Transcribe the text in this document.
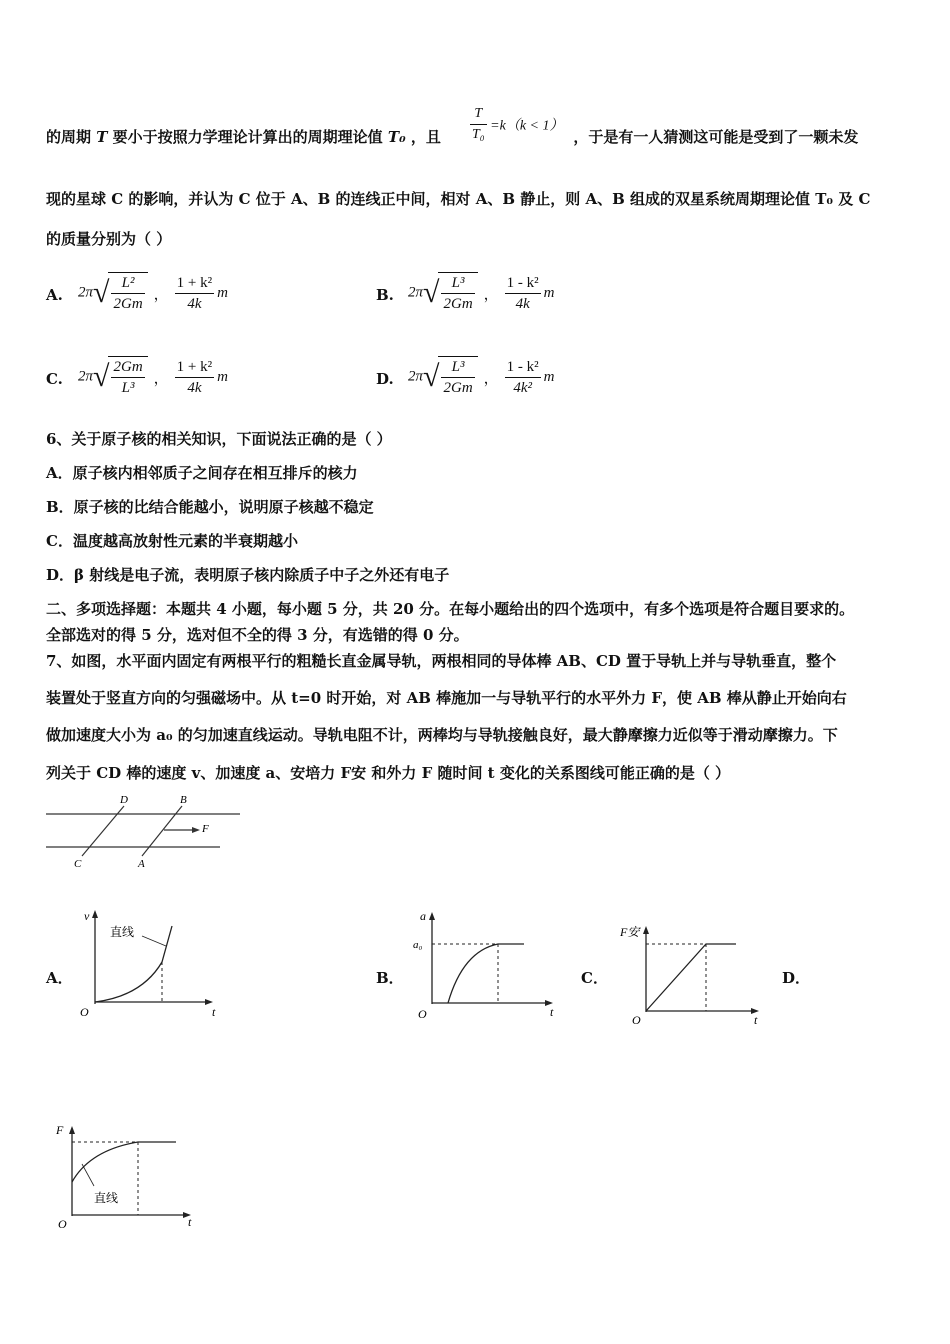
的周期 T 要小于按照力学理论计算出的周期理论值 T₀ ，且	，于是有一人猜测这可能是受到了一颗未发
$\frac{T}{\text{T₀}} =k(k < 1)$
现的星球 C 的影响，并认为 C 位于 A、B 的连线正中间，相对 A、B 静止，则 A、B 组成的双星系统周期理论值 T₀ 及 C
的质量分别为（ ）
A. $2\pi√ \frac{\text{L²}}{2Gm}$ ， $\frac{\text{1 + k²}}{4k}$ m	B. $2\pi√ \frac{\text{L³}}{2Gm}$ ， $\frac{\text{1 - k²}}{4k}$ m
C. $2\pi√ \frac{2Gm}{\text{L³}}$ ， $\frac{\text{1 + k²}}{4k}$ m	D. $2\pi√ \frac{\text{L³}}{2Gm}$ ， $\frac{\text{1 - k²}}{\text{4k²}}$ m
6、关于原子核的相关知识，下面说法正确的是（ ）
A．原子核内相邻质子之间存在相互排斥的核力
B．原子核的比结合能越小，说明原子核越不稳定
C．温度越高放射性元素的半衰期越小
D．β 射线是电子流，表明原子核内除质子中子之外还有电子
二、多项选择题：本题共 4 小题，每小题 5 分，共 20 分。在每小题给出的四个选项中，有多个选项是符合题目要求的。
全部选对的得 5 分，选对但不全的得 3 分，有选错的得 0 分。
7、如图，水平面内固定有两根平行的粗糙长直金属导轨，两根相同的导体棒 AB、CD 置于导轨上并与导轨垂直，整个
装置处于竖直方向的匀强磁场中。从 t=0 时开始，对 AB 棒施加一与导轨平行的水平外力 F，使 AB 棒从静止开始向右
做加速度大小为 a₀ 的匀加速直线运动。导轨电阻不计，两棒均与导轨接触良好，最大静摩擦力近似等于滑动摩擦力。下
列关于 CD 棒的速度 v、加速度 a、安培力 F安 和外力 F 随时间 t 变化的关系图线可能正确的是（ ）
D	B
F
C	A
A．	B．	C．	D．
v
t
O
直线
a
a₀
t
O
F安
t
O
F
t
O
直线
